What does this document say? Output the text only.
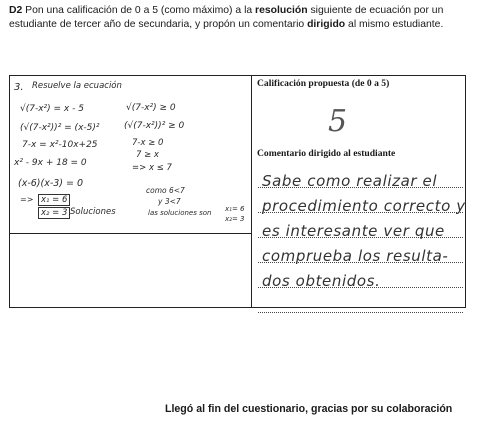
D2 Pon una calificación de 0 a 5 (como máximo) a la resolución siguiente de ecuación por un estudiante de tercer año de secundaria, y propón un comentario dirigido al mismo estudiante.

3. Resuelve la ecuación
√(7-x²) = x - 5
(√(7-x²))² = (x-5)²
7-x = x²-10x+25
x² - 9x + 18 = 0
(x-6)(x-3) = 0
=> x₁ = 6
x₂ = 3 Soluciones
√(7-x²) ≥ 0
(√(7-x²))² ≥ 0
7-x ≥ 0
7 ≥ x
=> x ≤ 7
como 6<7
y 3<7
las soluciones son x₁= 6
x₂= 3

Calificación propuesta (de 0 a 5)

5

Comentario dirigido al estudiante

Sabe como realizar el
procedimiento correcto y
es interesante ver que
comprueba los resulta-
dos obtenidos.

Llegó al fin del cuestionario, gracias por su colaboración
